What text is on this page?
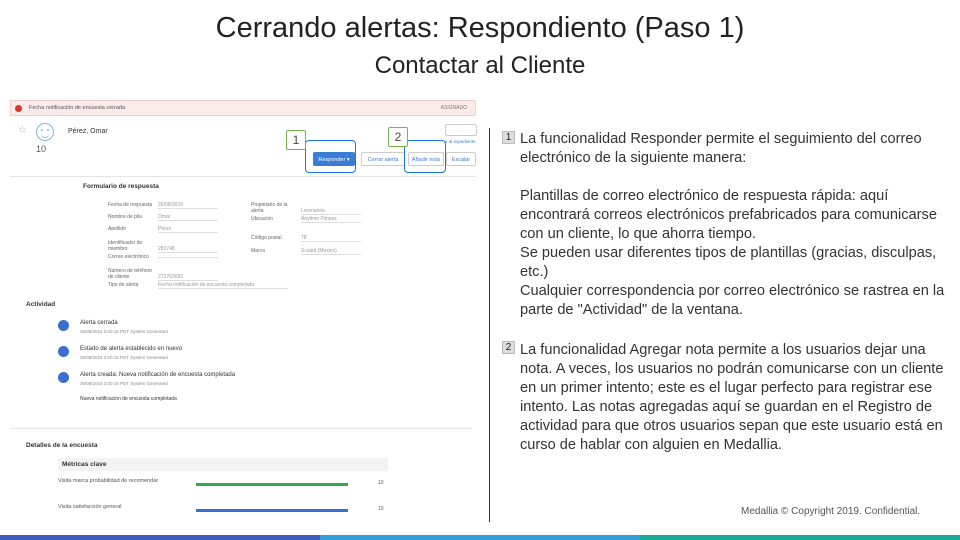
Cerrando alertas: Respondiento (Paso 1)
Contactar al Cliente
Fecha notificación de encuesta cerrada	ASIGNADO
☆
10
Pérez, Omar
ir al expediente
Responder ▾	Cerrar alerta	Añadir nota	Escalar
1	2
Formulario de respuesta
Fecha de respuesta 26/08/2016
Nombre de pila	Omar
Apellido	Pérez
Identificador de miembro	283748
Correo electrónico
Número de teléfono de cliente	272763682
Tipo de alerta	Fecha notificación de encuesta completada
Propietario de la alerta	Lorenanna
Ubicación	Anytime Fitness
Código postal	78
Marca	Scaled (Mexico)
Actividad
Alerta cerrada
26/08/2016 3:00:15 PDT System Generated
Estado de alerta establecido en nuevo
26/08/2016 3:00:15 PDT System Generated
Alerta creada: Nueva notificación de encuesta completada
26/08/2016 3:00:15 PDT System Generated
Nueva notificación de encuesta completada
Detalles de la encuesta
Métricas clave
Visita marca probabilidad de recomendar	10
Visita satisfacción general	10
1 La funcionalidad Responder permite el seguimiento del correo electrónico de la siguiente manera:
Plantillas de correo electrónico de respuesta rápida: aquí encontrará correos electrónicos prefabricados para comunicarse con un cliente, lo que ahorra tiempo.
Se pueden usar diferentes tipos de plantillas (gracias, disculpas, etc.)
Cualquier correspondencia por correo electrónico se rastrea en la parte de "Actividad" de la ventana.
2 La funcionalidad Agregar nota permite a los usuarios dejar una nota. A veces, los usuarios no podrán comunicarse con un cliente en un primer intento; este es el lugar perfecto para registrar ese intento. Las notas agregadas aquí se guardan en el Registro de actividad para que otros usuarios sepan que este usuario está en curso de hablar con alguien en Medallia.
Medallia © Copyright 2019. Confidential.
